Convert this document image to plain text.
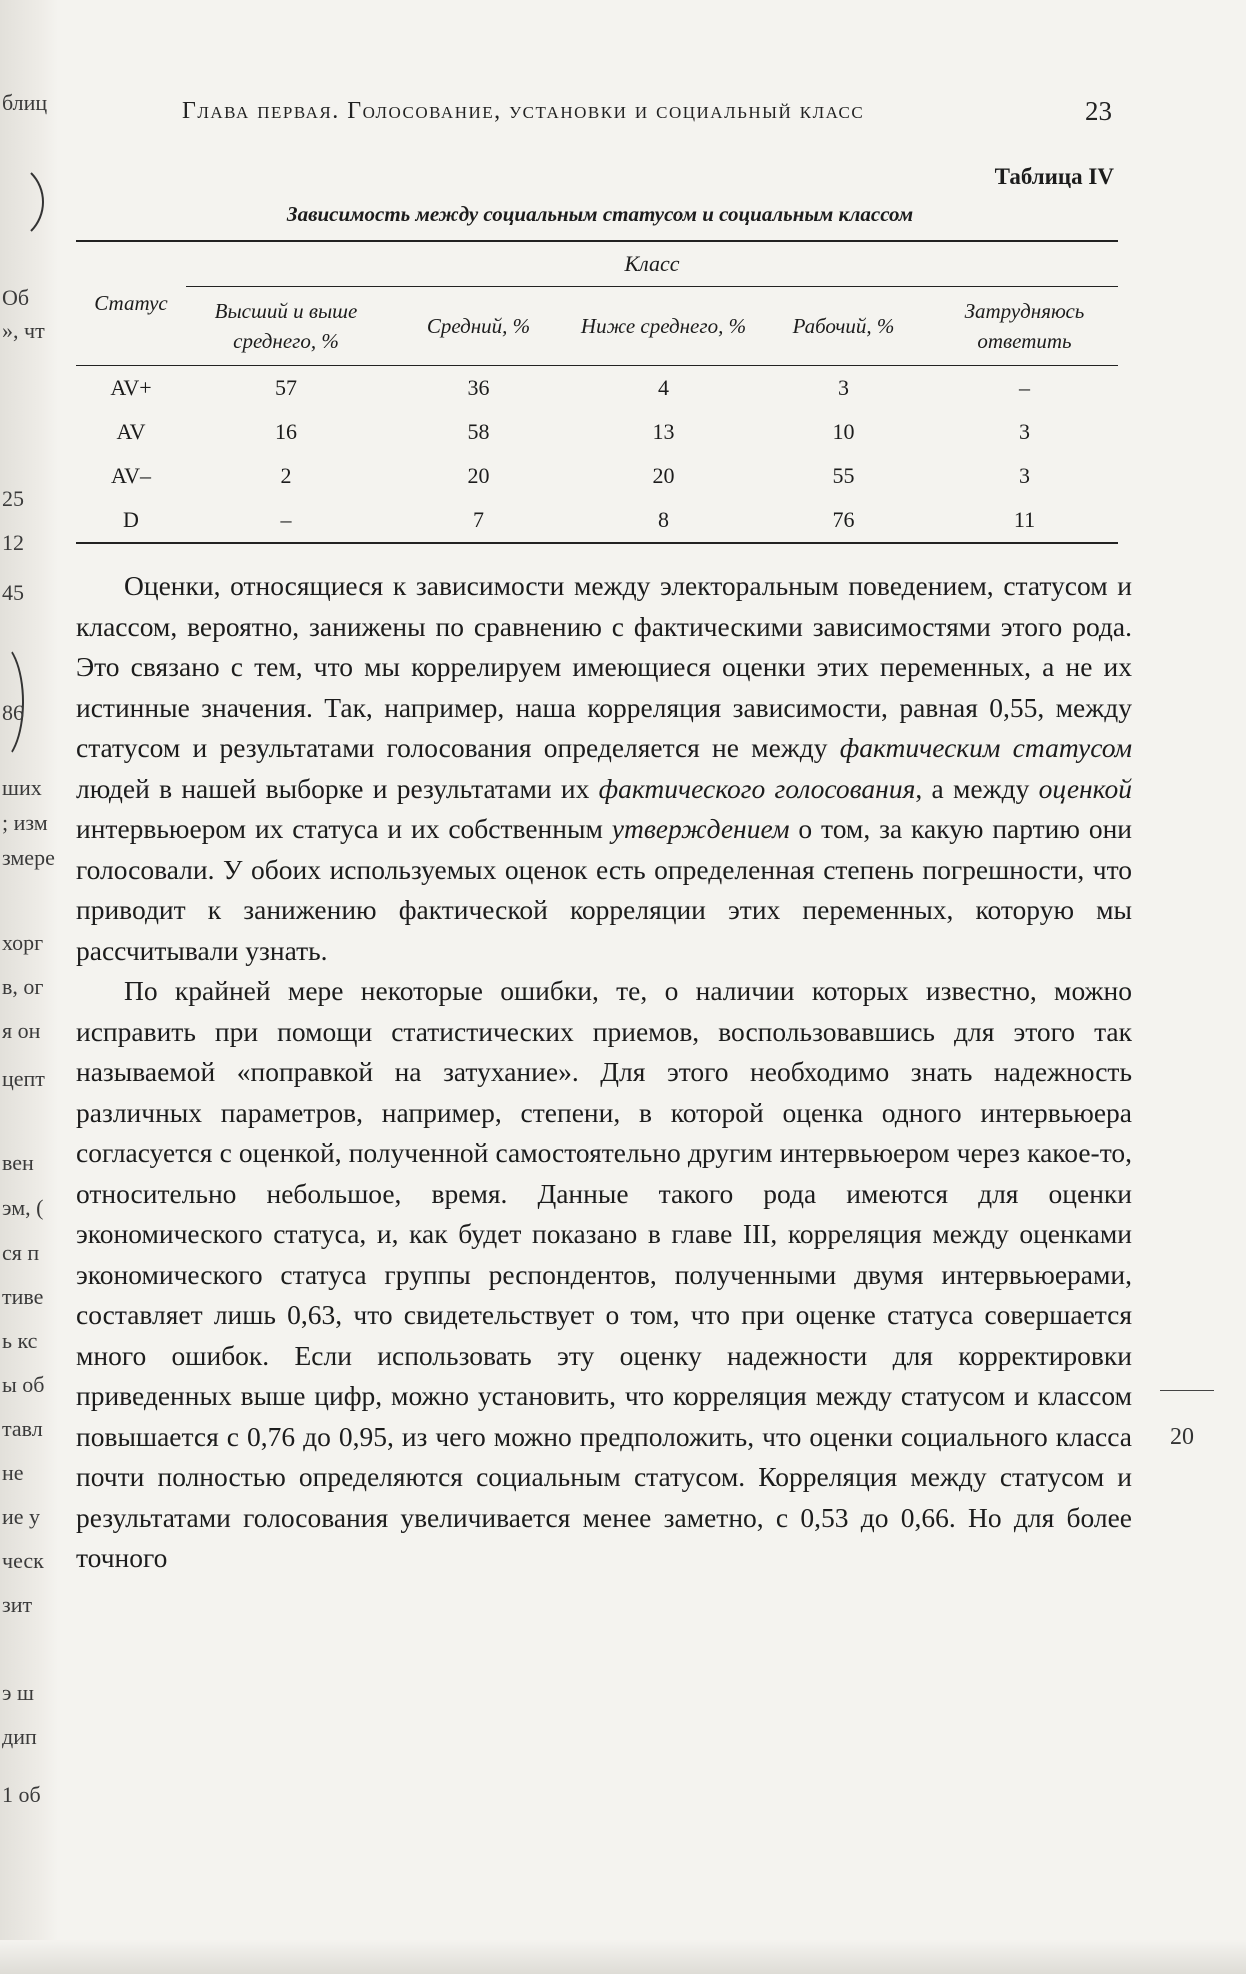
блиц
Об
», чт
25
12
45
86
ших
; изм
змере
хорг
в, ог
я он
цепт
вен
эм, (
ся п
тиве
ь кс
ы об
тавл
не
ие у
ческ
зит
э ш
дип
1 об
Глава первая. Голосование, установки и социальный класс	23
Таблица IV
Зависимость между социальным статусом и социальным классом

Статус	Класс				
	Высший и выше среднего, %	Средний, %	Ниже среднего, %	Рабочий, %	Затрудняюсь ответить
AV+	57	36	4	3	–
AV	16	58	13	10	3
AV–	2	20	20	55	3
D	–	7	8	76	11

Оценки, относящиеся к зависимости между электоральным поведением, статусом и классом, вероятно, занижены по сравнению с фактическими зависимостями этого рода. Это связано с тем, что мы коррелируем имеющиеся оценки этих переменных, а не их истинные значения. Так, например, наша корреляция зависимости, равная 0,55, между статусом и результатами голосования определяется не между фактическим статусом людей в нашей выборке и результатами их фактического голосования, а между оценкой интервьюером их статуса и их собственным утверждением о том, за какую партию они голосовали. У обоих используемых оценок есть определенная степень погрешности, что приводит к занижению фактической корреляции этих переменных, которую мы рассчитывали узнать.

По крайней мере некоторые ошибки, те, о наличии которых известно, можно исправить при помощи статистических приемов, воспользовавшись для этого так называемой «поправкой на затухание». Для этого необходимо знать надежность различных параметров, например, степени, в которой оценка одного интервьюера согласуется с оценкой, полученной самостоятельно другим интервьюером через какое-то, относительно небольшое, время. Данные такого рода имеются для оценки экономического статуса, и, как будет показано в главе III, корреляция между оценками экономического статуса группы респондентов, полученными двумя интервьюерами, составляет лишь 0,63, что свидетельствует о том, что при оценке статуса совершается много ошибок. Если использовать эту оценку надежности для корректировки приведенных выше цифр, можно установить, что корреляция между статусом и классом повышается с 0,76 до 0,95, из чего можно предположить, что оценки социального класса почти полностью определяются социальным статусом. Корреляция между статусом и результатами голосования увеличивается менее заметно, с 0,53 до 0,66. Но для более точного

20
